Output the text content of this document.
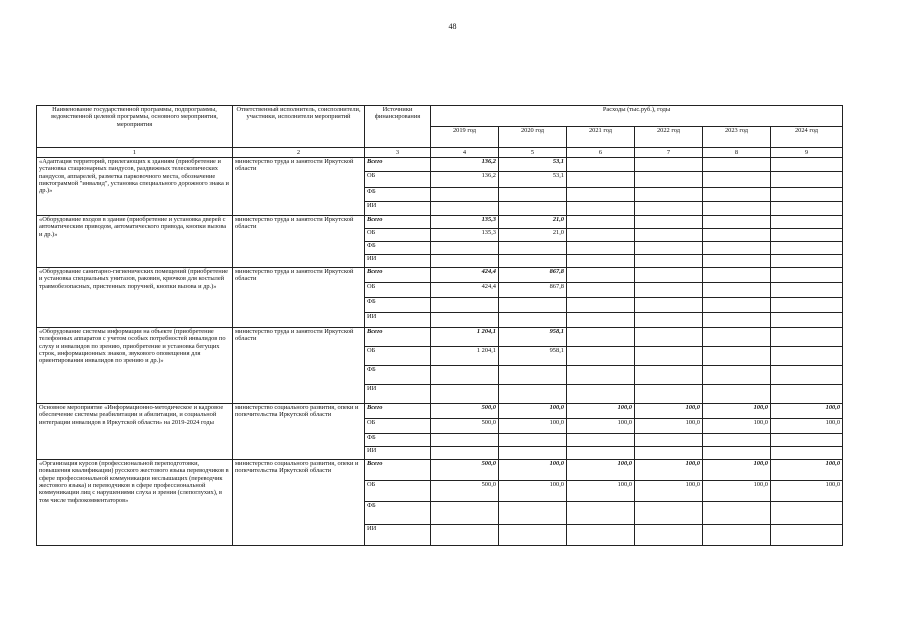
48
Наименование государственной программы, подпрограммы, ведомственной целевой программы, основного мероприятия, мероприятия	Ответственный исполнитель, соисполнители, участники, исполнители мероприятий	Источники финансирования	Расходы (тыс.руб.), годы					
			2019 год	2020 год	2021 год	2022 год	2023 год	2024 год
1	2	3	4	5	6	7	8	9
«Адаптация территорий, прилегающих к зданиям (приобретение и установка стационарных пандусов, раздвижных телескопических пандусов, аппарелей, разметка парковочного места, обозначение пиктограммой "инвалид", установка специального дорожного знака и др.)»	министерство труда и занятости Иркутской области	Всего	136,2	53,1				
		ОБ	136,2	53,1				
		ФБ						
		ИИ						
«Оборудование входов в здание (приобретение и установка дверей с автоматическим приводом, автоматического привода, кнопки вызова и др.)»	министерство труда и занятости Иркутской области	Всего	135,3	21,0				
		ОБ	135,3	21,0				
		ФБ						
		ИИ						
«Оборудование санитарно-гигиенических помещений (приобретение и установка специальных унитазов, раковин, крючков для костылей травмобезопасных, пристенных поручней, кнопки вызова и др.)»	министерство труда и занятости Иркутской области	Всего	424,4	867,8				
		ОБ	424,4	867,8				
		ФБ						
		ИИ						
«Оборудование системы информации на объекте (приобретение телефонных аппаратов с учетом особых потребностей инвалидов по слуху и инвалидов по зрению, приобретение и установка бегущих строк, информационных знаков, звукового оповещения для ориентирования инвалидов по зрению и др.)»	министерство труда и занятости Иркутской области	Всего	1 204,1	958,1				
		ОБ	1 204,1	958,1				
		ФБ						
		ИИ						
Основное мероприятие «Информационно-методическое и кадровое обеспечение системы реабилитации и абилитации, и социальной интеграции инвалидов в Иркутской области» на 2019-2024 годы	министерство социального развития, опеки и попечительства Иркутской области	Всего	500,0	100,0	100,0	100,0	100,0	100,0
		ОБ	500,0	100,0	100,0	100,0	100,0	100,0
		ФБ						
		ИИ						
«Организация курсов (профессиональной переподготовки, повышения квалификации) русского жестового языка переводчиков в сфере профессиональной коммуникации неслышащих (переводчик жестового языка) и переводчиков в сфере профессиональной коммуникации лиц с нарушениями слуха и зрения (слепоглухих), в том числе тифлокомментаторов»	министерство социального развития, опеки и попечительства Иркутской области	Всего	500,0	100,0	100,0	100,0	100,0	100,0
		ОБ	500,0	100,0	100,0	100,0	100,0	100,0
		ФБ						
		ИИ						
